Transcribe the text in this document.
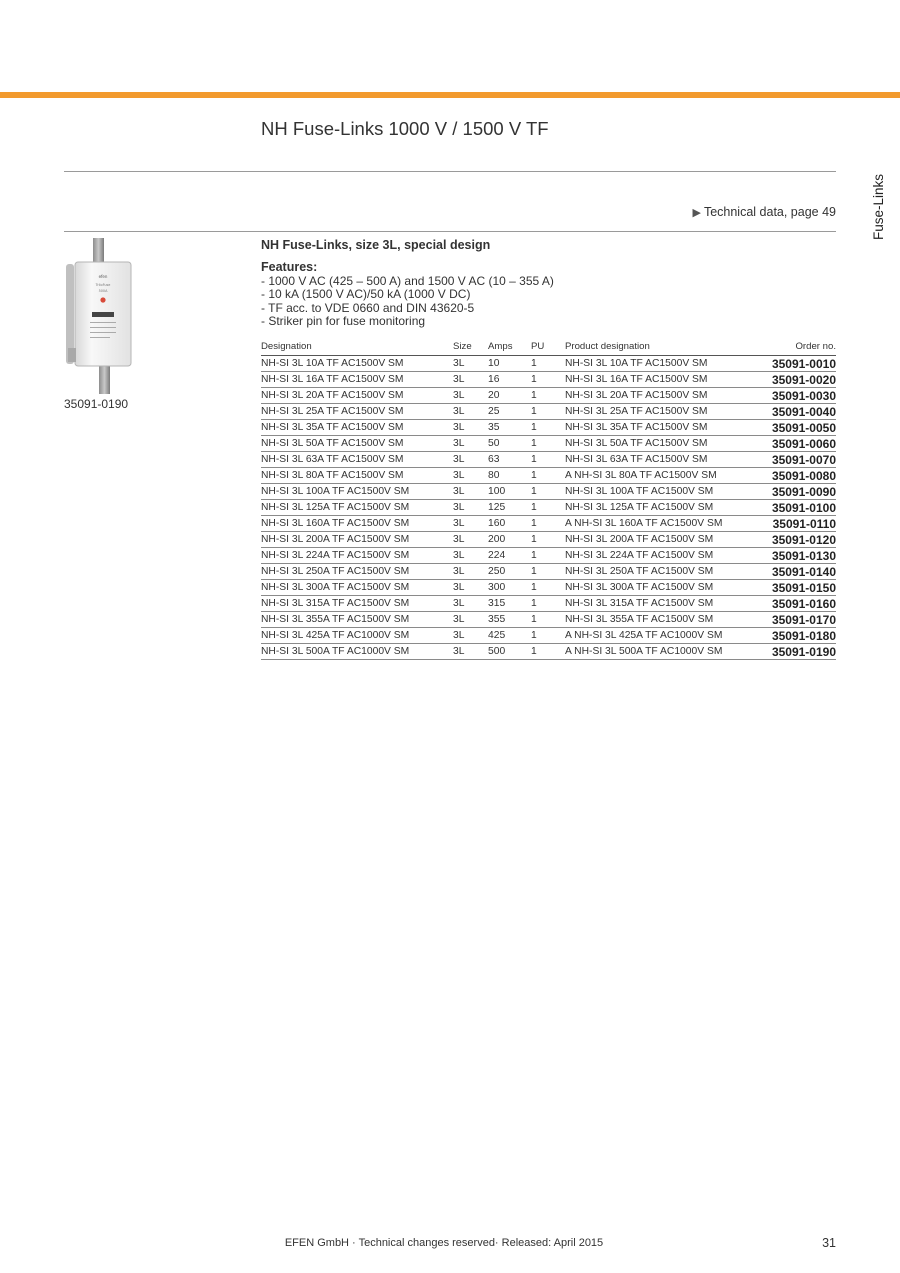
NH Fuse-Links 1000 V / 1500 V TF
Fuse-Links
▶ Technical data, page 49
efen
TriloFuse
500A
35091-0190
NH Fuse-Links, size 3L, special design
Features:
- 1000 V AC (425 – 500 A) and 1500 V AC (10 – 355 A)
- 10 kA (1500 V AC)/50 kA (1000 V DC)
- TF acc. to VDE 0660 and DIN 43620-5
- Striker pin for fuse monitoring
Designation	Size	Amps	PU	Product designation	Order no.
NH-SI 3L 10A TF AC1500V SM	3L	10	1	NH-SI 3L 10A TF AC1500V SM	35091-0010
NH-SI 3L 16A TF AC1500V SM	3L	16	1	NH-SI 3L 16A TF AC1500V SM	35091-0020
NH-SI 3L 20A TF AC1500V SM	3L	20	1	NH-SI 3L 20A TF AC1500V SM	35091-0030
NH-SI 3L 25A TF AC1500V SM	3L	25	1	NH-SI 3L 25A TF AC1500V SM	35091-0040
NH-SI 3L 35A TF AC1500V SM	3L	35	1	NH-SI 3L 35A TF AC1500V SM	35091-0050
NH-SI 3L 50A TF AC1500V SM	3L	50	1	NH-SI 3L 50A TF AC1500V SM	35091-0060
NH-SI 3L 63A TF AC1500V SM	3L	63	1	NH-SI 3L 63A TF AC1500V SM	35091-0070
NH-SI 3L 80A TF AC1500V SM	3L	80	1	A NH-SI 3L 80A TF AC1500V SM	35091-0080
NH-SI 3L 100A TF AC1500V SM	3L	100	1	NH-SI 3L 100A TF AC1500V SM	35091-0090
NH-SI 3L 125A TF AC1500V SM	3L	125	1	NH-SI 3L 125A TF AC1500V SM	35091-0100
NH-SI 3L 160A TF AC1500V SM	3L	160	1	A NH-SI 3L 160A TF AC1500V SM	35091-0110
NH-SI 3L 200A TF AC1500V SM	3L	200	1	NH-SI 3L 200A TF AC1500V SM	35091-0120
NH-SI 3L 224A TF AC1500V SM	3L	224	1	NH-SI 3L 224A TF AC1500V SM	35091-0130
NH-SI 3L 250A TF AC1500V SM	3L	250	1	NH-SI 3L 250A TF AC1500V SM	35091-0140
NH-SI 3L 300A TF AC1500V SM	3L	300	1	NH-SI 3L 300A TF AC1500V SM	35091-0150
NH-SI 3L 315A TF AC1500V SM	3L	315	1	NH-SI 3L 315A TF AC1500V SM	35091-0160
NH-SI 3L 355A TF AC1500V SM	3L	355	1	NH-SI 3L 355A TF AC1500V SM	35091-0170
NH-SI 3L 425A TF AC1000V SM	3L	425	1	A NH-SI 3L 425A TF AC1000V SM	35091-0180
NH-SI 3L 500A TF AC1000V SM	3L	500	1	A NH-SI 3L 500A TF AC1000V SM	35091-0190
EFEN GmbH · Technical changes reserved· Released: April 2015	31
